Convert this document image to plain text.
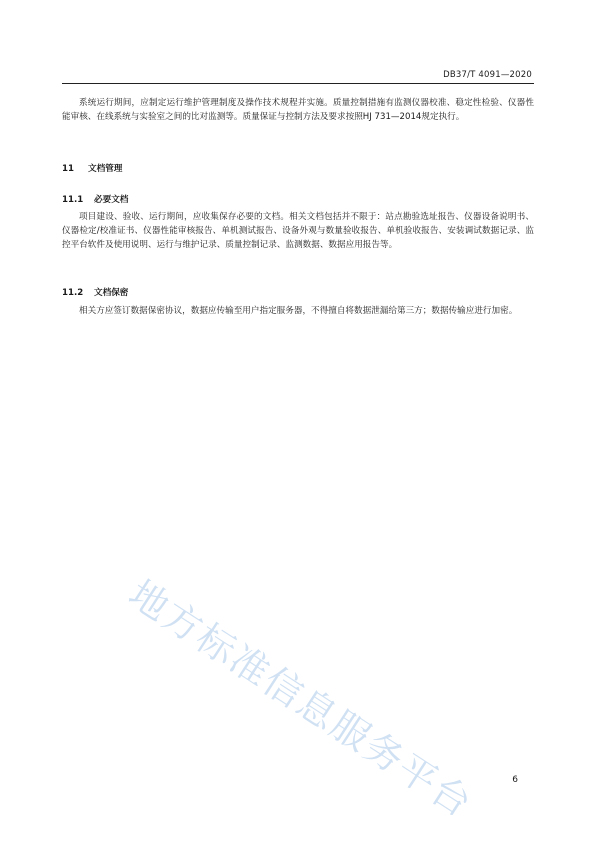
DB37/T 4091—2020

系统运行期间，应制定运行维护管理制度及操作技术规程并实施。质量控制措施有监测仪器校准、稳定性检验、仪器性能审核、在线系统与实验室之间的比对监测等。质量保证与控制方法及要求按照HJ 731—2014规定执行。

11 文档管理
11.1 必要文档

项目建设、验收、运行期间，应收集保存必要的文档。相关文档包括并不限于：站点勘验选址报告、仪器设备说明书、仪器检定/校准证书、仪器性能审核报告、单机测试报告、设备外观与数量验收报告、单机验收报告、安装调试数据记录、监控平台软件及使用说明、运行与维护记录、质量控制记录、监测数据、数据应用报告等。

11.2 文档保密

相关方应签订数据保密协议，数据应传输至用户指定服务器，不得擅自将数据泄漏给第三方；数据传输应进行加密。

地方标准信息服务平台	6
